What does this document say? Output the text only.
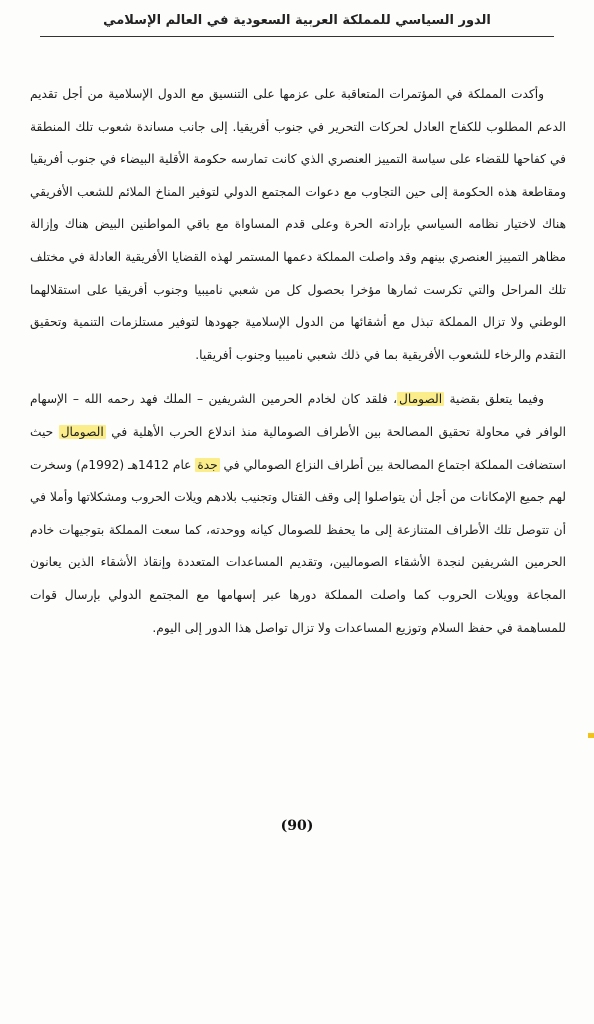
الدور السياسي للمملكة العربية السعودية في العالم الإسلامي

وأكدت المملكة في المؤتمرات المتعاقبة على عزمها على التنسيق مع الدول الإسلامية من أجل تقديم الدعم المطلوب للكفاح العادل لحركات التحرير في جنوب أفريقيا. إلى جانب مساندة شعوب تلك المنطقة في كفاحها للقضاء على سياسة التمييز العنصري الذي كانت تمارسه حكومة الأقلية البيضاء في جنوب أفريقيا ومقاطعة هذه الحكومة إلى حين التجاوب مع دعوات المجتمع الدولي لتوفير المناخ الملائم للشعب الأفريقي هناك لاختيار نظامه السياسي بإرادته الحرة وعلى قدم المساواة مع باقي المواطنين البيض هناك وإزالة مظاهر التمييز العنصري بينهم وقد واصلت المملكة دعمها المستمر لهذه القضايا الأفريقية العادلة في مختلف تلك المراحل والتي تكرست ثمارها مؤخرا بحصول كل من شعبي ناميبيا وجنوب أفريقيا على استقلالهما الوطني ولا تزال المملكة تبذل مع أشقائها من الدول الإسلامية جهودها لتوفير مستلزمات التنمية وتحقيق التقدم والرخاء للشعوب الأفريقية بما في ذلك شعبي ناميبيا وجنوب أفريقيا.

وفيما يتعلق بقضية الصومال، فلقد كان لخادم الحرمين الشريفين – الملك فهد رحمه الله – الإسهام الوافر في محاولة تحقيق المصالحة بين الأطراف الصومالية منذ اندلاع الحرب الأهلية في الصومال حيث استضافت المملكة اجتماع المصالحة بين أطراف النزاع الصومالي في جدة عام 1412هـ (1992م) وسخرت لهم جميع الإمكانات من أجل أن يتواصلوا إلى وقف القتال وتجنيب بلادهم ويلات الحروب ومشكلاتها وأملا في أن تتوصل تلك الأطراف المتنازعة إلى ما يحفظ للصومال كيانه ووحدته، كما سعت المملكة بتوجيهات خادم الحرمين الشريفين لنجدة الأشقاء الصوماليين، وتقديم المساعدات المتعددة وإنقاذ الأشقاء الذين يعانون المجاعة وويلات الحروب كما واصلت المملكة دورها عبر إسهامها مع المجتمع الدولي بإرسال قوات للمساهمة في حفظ السلام وتوزيع المساعدات ولا تزال تواصل هذا الدور إلى اليوم.

(90)
